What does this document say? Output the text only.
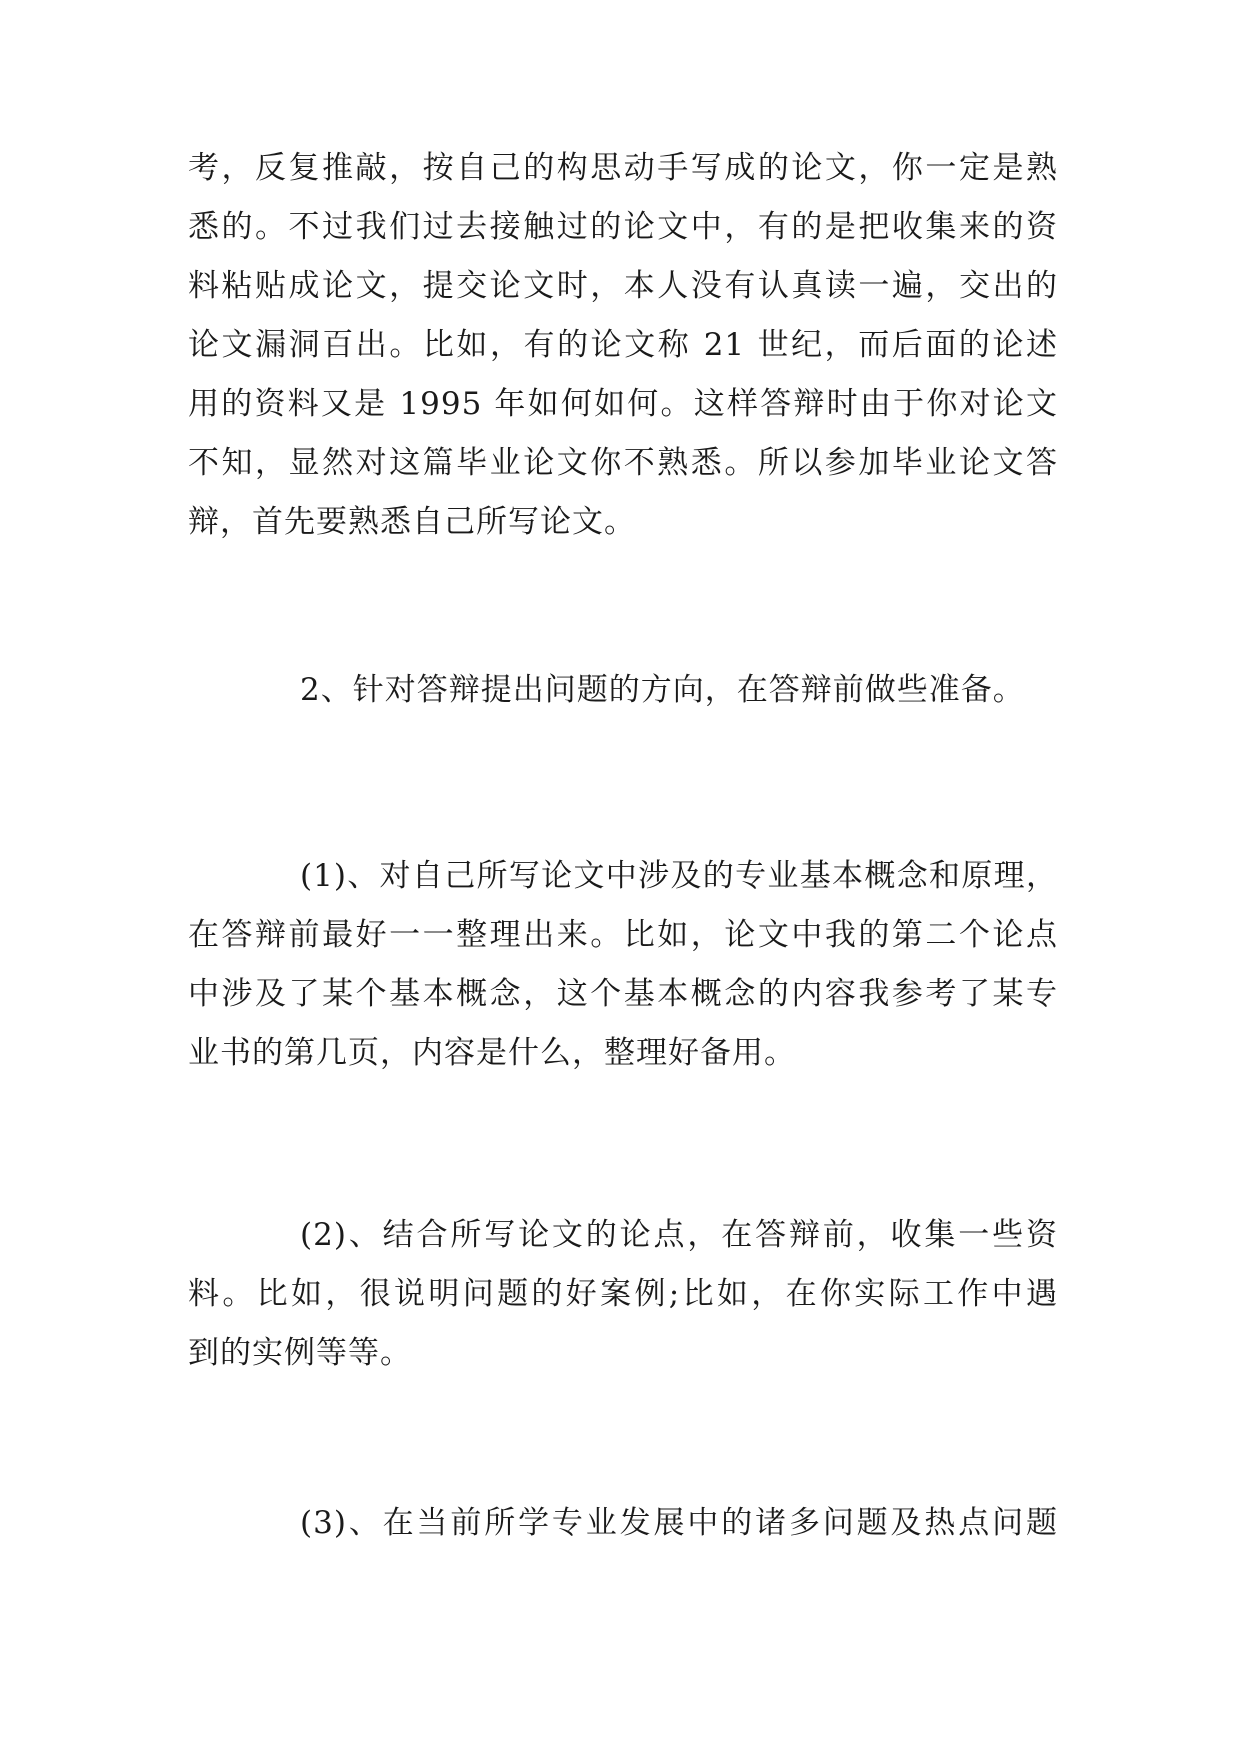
考，反复推敲，按自己的构思动手写成的论文，你一定是熟
悉的。不过我们过去接触过的论文中，有的是把收集来的资
料粘贴成论文，提交论文时，本人没有认真读一遍，交出的
论文漏洞百出。比如，有的论文称 21 世纪，而后面的论述
用的资料又是 1995 年如何如何。这样答辩时由于你对论文
不知，显然对这篇毕业论文你不熟悉。所以参加毕业论文答
辩，首先要熟悉自己所写论文。
2、针对答辩提出问题的方向，在答辩前做些准备。
(1)、对自己所写论文中涉及的专业基本概念和原理，
在答辩前最好一一整理出来。比如，论文中我的第二个论点
中涉及了某个基本概念，这个基本概念的内容我参考了某专
业书的第几页，内容是什么，整理好备用。
(2)、结合所写论文的论点，在答辩前，收集一些资
料。比如，很说明问题的好案例;比如，在你实际工作中遇
到的实例等等。
(3)、在当前所学专业发展中的诸多问题及热点问题
